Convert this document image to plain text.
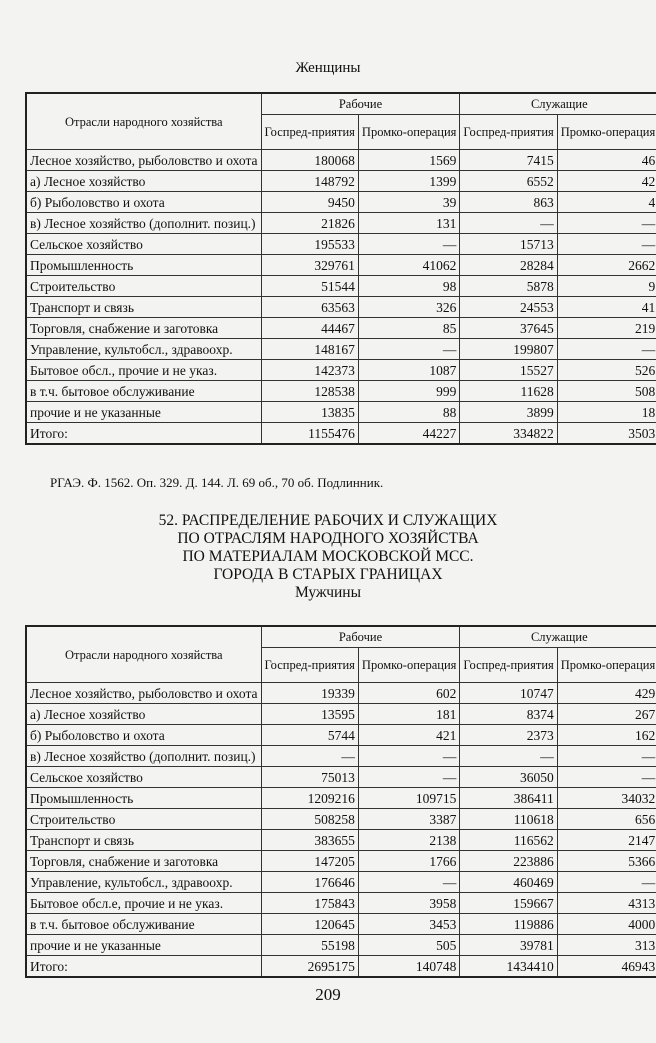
Женщины
Отрасли народного хозяйства	Рабочие		Служащие	
	Госпред-приятия	Промко-операция	Госпред-приятия	Промко-операция
Лесное хозяйство, рыболовство и охота	180068	1569	7415	46
а) Лесное хозяйство	148792	1399	6552	42
б) Рыболовство и охота	9450	39	863	4
в) Лесное хозяйство (дополнит. позиц.)	21826	131	—	—
Сельское хозяйство	195533	—	15713	—
Промышленность	329761	41062	28284	2662
Строительство	51544	98	5878	9
Транспорт и связь	63563	326	24553	41
Торговля, снабжение и заготовка	44467	85	37645	219
Управление, культобсл., здравоохр.	148167	—	199807	—
Бытовое обсл., прочие и не указ.	142373	1087	15527	526
в т.ч. бытовое обслуживание	128538	999	11628	508
прочие и не указанные	13835	88	3899	18
Итого:	1155476	44227	334822	3503
РГАЭ. Ф. 1562. Оп. 329. Д. 144. Л. 69 об., 70 об. Подлинник.
52. РАСПРЕДЕЛЕНИЕ РАБОЧИХ И СЛУЖАЩИХ
ПО ОТРАСЛЯМ НАРОДНОГО ХОЗЯЙСТВА
ПО МАТЕРИАЛАМ МОСКОВСКОЙ МСС.
ГОРОДА В СТАРЫХ ГРАНИЦАХ
Мужчины
Отрасли народного хозяйства	Рабочие		Служащие	
	Госпред-приятия	Промко-операция	Госпред-приятия	Промко-операция
Лесное хозяйство, рыболовство и охота	19339	602	10747	429
а) Лесное хозяйство	13595	181	8374	267
б) Рыболовство и охота	5744	421	2373	162
в) Лесное хозяйство (дополнит. позиц.)	—	—	—	—
Сельское хозяйство	75013	—	36050	—
Промышленность	1209216	109715	386411	34032
Строительство	508258	3387	110618	656
Транспорт и связь	383655	2138	116562	2147
Торговля, снабжение и заготовка	147205	1766	223886	5366
Управление, культобсл., здравоохр.	176646	—	460469	—
Бытовое обсл.е, прочие и не указ.	175843	3958	159667	4313
в т.ч. бытовое обслуживание	120645	3453	119886	4000
прочие и не указанные	55198	505	39781	313
Итого:	2695175	140748	1434410	46943
209
